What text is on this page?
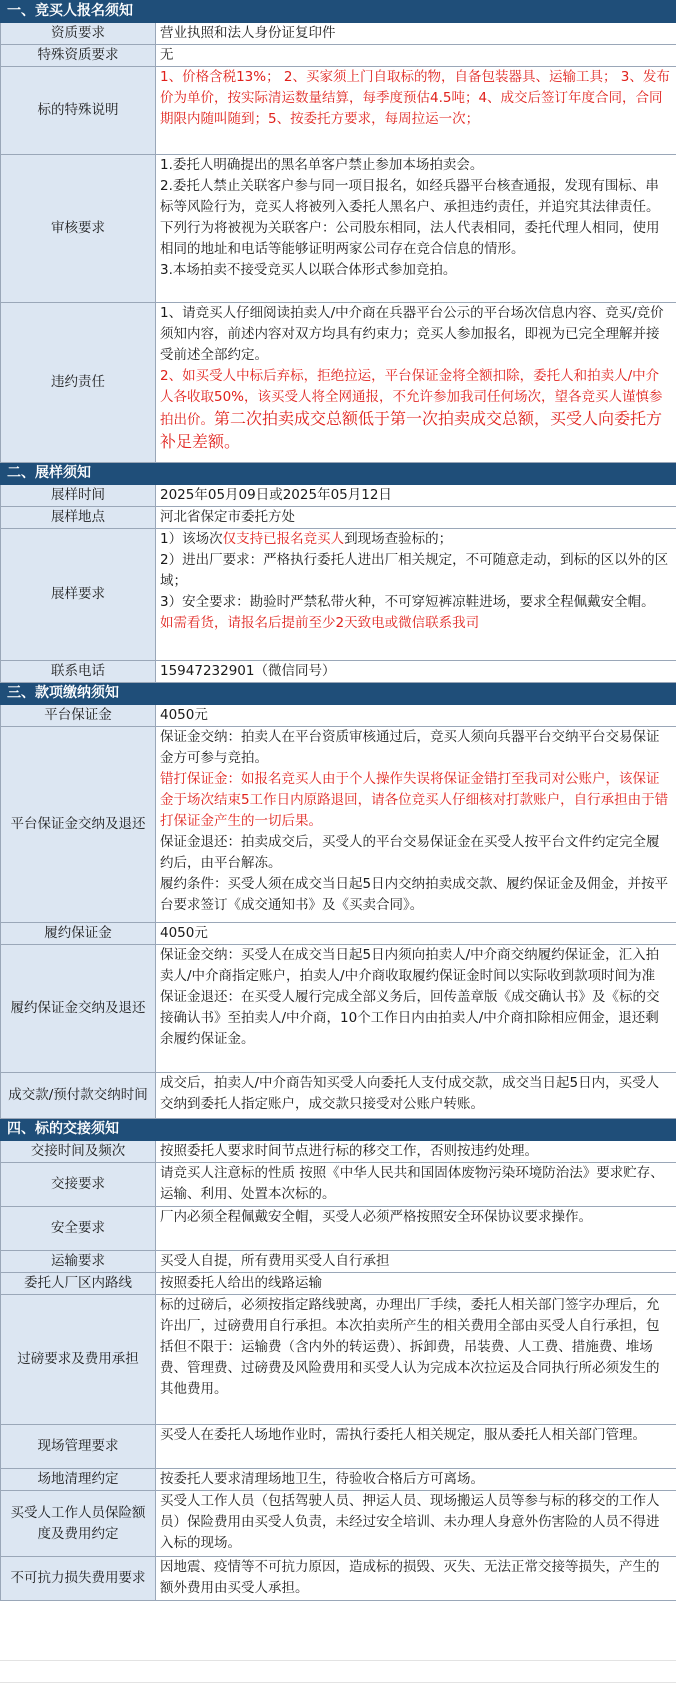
一、竞买人报名须知	
资质要求	营业执照和法人身份证复印件
特殊资质要求	无
标的特殊说明	1、价格含税13%； 2、买家须上门自取标的物，自备包装器具、运输工具； 3、发布价为单价，按实际清运数量结算，每季度预估4.5吨；4、成交后签订年度合同，合同期限内随叫随到；5、按委托方要求，每周拉运一次；
审核要求	1.委托人明确提出的黑名单客户禁止参加本场拍卖会。
2.委托人禁止关联客户参与同一项目报名，如经兵器平台核查通报，发现有围标、串标等风险行为，竞买人将被列入委托人黑名户、承担违约责任，并追究其法律责任。下列行为将被视为关联客户：公司股东相同，法人代表相同，委托代理人相同，使用相同的地址和电话等能够证明两家公司存在竞合信息的情形。
3.本场拍卖不接受竞买人以联合体形式参加竞拍。

违约责任	1、请竞买人仔细阅读拍卖人/中介商在兵器平台公示的平台场次信息内容、竞买/竞价须知内容，前述内容对双方均具有约束力；竞买人参加报名，即视为已完全理解并接受前述全部约定。
2、如买受人中标后弃标，拒绝拉运，平台保证金将全额扣除，委托人和拍卖人/中介人各收取50%，该买受人将全网通报，不允许参加我司任何场次，望各竞买人谨慎参拍出价。第二次拍卖成交总额低于第一次拍卖成交总额，买受人向委托方补足差额。
二、展样须知	
展样时间	2025年05月09日或2025年05月12日
展样地点	河北省保定市委托方处
展样要求	1）该场次仅支持已报名竞买人到现场查验标的；
2）进出厂要求：严格执行委托人进出厂相关规定，不可随意走动，到标的区以外的区域；
3）安全要求：勘验时严禁私带火种，不可穿短裤凉鞋进场，要求全程佩戴安全帽。
如需看货，请报名后提前至少2天致电或微信联系我司

联系电话	15947232901（微信同号）
三、款项缴纳须知	
平台保证金	4050元
平台保证金交纳及退还	保证金交纳：拍卖人在平台资质审核通过后，竞买人须向兵器平台交纳平台交易保证金方可参与竞拍。
错打保证金：如报名竞买人由于个人操作失误将保证金错打至我司对公账户，该保证金于场次结束5工作日内原路退回，请各位竞买人仔细核对打款账户，自行承担由于错打保证金产生的一切后果。
保证金退还：拍卖成交后，买受人的平台交易保证金在买受人按平台文件约定完全履约后，由平台解冻。
履约条件：买受人须在成交当日起5日内交纳拍卖成交款、履约保证金及佣金，并按平台要求签订《成交通知书》及《买卖合同》。

履约保证金	4050元
履约保证金交纳及退还	保证金交纳：买受人在成交当日起5日内须向拍卖人/中介商交纳履约保证金，汇入拍卖人/中介商指定账户，拍卖人/中介商收取履约保证金时间以实际收到款项时间为准
保证金退还：在买受人履行完成全部义务后，回传盖章版《成交确认书》及《标的交接确认书》至拍卖人/中介商，10个工作日内由拍卖人/中介商扣除相应佣金，退还剩余履约保证金。

成交款/预付款交纳时间	成交后，拍卖人/中介商告知买受人向委托人支付成交款，成交当日起5日内，买受人交纳到委托人指定账户，成交款只接受对公账户转账。
四、标的交接须知	
交接时间及频次	按照委托人要求时间节点进行标的移交工作，否则按违约处理。
交接要求	请竞买人注意标的性质 按照《中华人民共和国固体废物污染环境防治法》要求贮存、运输、利用、处置本次标的。
安全要求	厂内必须全程佩戴安全帽，买受人必须严格按照安全环保协议要求操作。
运输要求	买受人自提，所有费用买受人自行承担
委托人厂区内路线	按照委托人给出的线路运输
过磅要求及费用承担	标的过磅后，必须按指定路线驶离，办理出厂手续，委托人相关部门签字办理后，允许出厂，过磅费用自行承担。本次拍卖所产生的相关费用全部由买受人自行承担，包括但不限于：运输费（含内外的转运费）、拆卸费，吊装费、人工费、措施费、堆场费、管理费、过磅费及风险费用和买受人认为完成本次拉运及合同执行所必须发生的其他费用。
现场管理要求	买受人在委托人场地作业时，需执行委托人相关规定，服从委托人相关部门管理。
场地清理约定	按委托人要求清理场地卫生，待验收合格后方可离场。
买受人工作人员保险额度及费用约定	买受人工作人员（包括驾驶人员、押运人员、现场搬运人员等参与标的移交的工作人员）保险费用由买受人负责，未经过安全培训、未办理人身意外伤害险的人员不得进入标的现场。
不可抗力损失费用要求	因地震、疫情等不可抗力原因，造成标的损毁、灭失、无法正常交接等损失，产生的额外费用由买受人承担。
